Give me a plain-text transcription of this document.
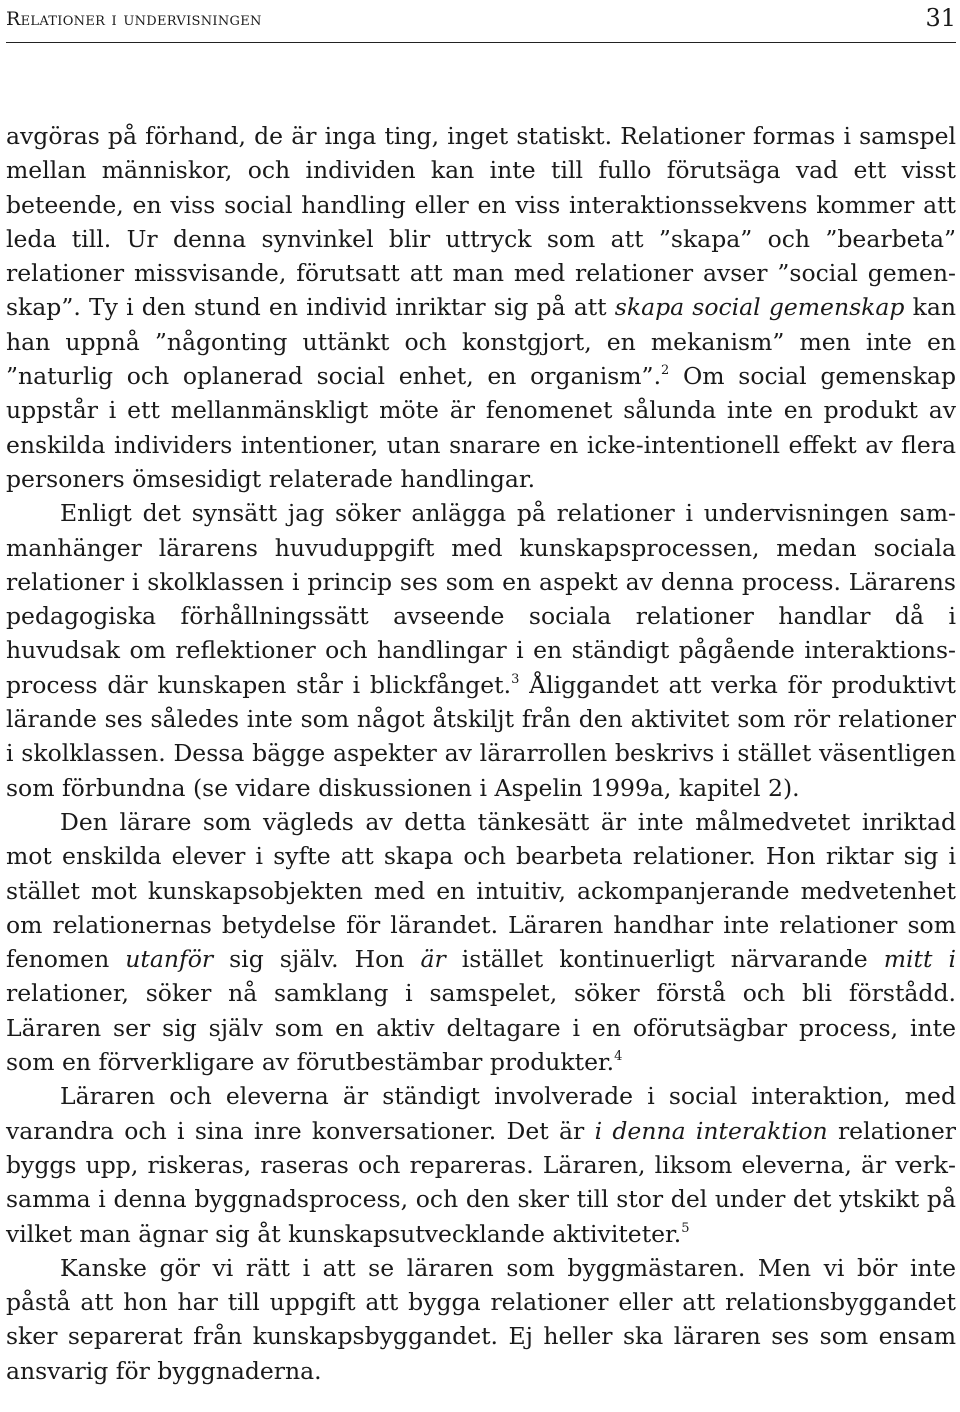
Relationer i undervisningen	31

avgöras på förhand, de är inga ting, inget statiskt. Relationer formas i samspel mellan människor, och individen kan inte till fullo förutsäga vad ett visst beteende, en viss social handling eller en viss interaktionssekvens kommer att leda till. Ur denna synvinkel blir uttryck som att ”skapa” och ”bearbeta” relationer missvisande, förutsatt att man med relationer avser ”social gemenskap”. Ty i den stund en individ inriktar sig på att skapa social gemenskap kan han uppnå ”någonting uttänkt och konstgjort, en mekanism” men inte en ”naturlig och oplanerad social enhet, en organism”.$^2$ Om social gemenskap uppstår i ett mellanmänskligt möte är fenomenet sålunda inte en produkt av enskilda individers intentioner, utan snarare en icke-intentionell effekt av flera personers ömsesidigt relaterade handlingar.

Enligt det synsätt jag söker anlägga på relationer i undervisningen sammanhänger lärarens huvuduppgift med kunskapsprocessen, medan sociala relationer i skolklassen i princip ses som en aspekt av denna process. Lärarens pedagogiska förhållningssätt avseende sociala relationer handlar då i huvudsak om reflektioner och handlingar i en ständigt pågående interaktionsprocess där kunskapen står i blickfånget.$^3$ Åliggandet att verka för produktivt lärande ses således inte som något åtskiljt från den aktivitet som rör relationer i skolklassen. Dessa bägge aspekter av lärarrollen beskrivs i stället väsentligen som förbundna (se vidare diskussionen i Aspelin 1999a, kapitel 2).

Den lärare som vägleds av detta tänkesätt är inte målmedvetet inriktad mot enskilda elever i syfte att skapa och bearbeta relationer. Hon riktar sig i stället mot kunskapsobjekten med en intuitiv, ackompanjerande medvetenhet om relationernas betydelse för lärandet. Läraren handhar inte relationer som fenomen utanför sig själv. Hon är istället kontinuerligt närvarande mitt i relationer, söker nå samklang i samspelet, söker förstå och bli förstådd. Läraren ser sig själv som en aktiv deltagare i en oförutsägbar process, inte som en förverkligare av förutbestämbar produkter.$^4$

Läraren och eleverna är ständigt involverade i social interaktion, med varandra och i sina inre konversationer. Det är i denna interaktion relationer byggs upp, riskeras, raseras och repareras. Läraren, liksom eleverna, är verksamma i denna byggnadsprocess, och den sker till stor del under det ytskikt på vilket man ägnar sig åt kunskapsutvecklande aktiviteter.$^5$

Kanske gör vi rätt i att se läraren som byggmästaren. Men vi bör inte påstå att hon har till uppgift att bygga relationer eller att relationsbyggandet sker separerat från kunskapsbyggandet. Ej heller ska läraren ses som ensam ansvarig för byggnaderna.
